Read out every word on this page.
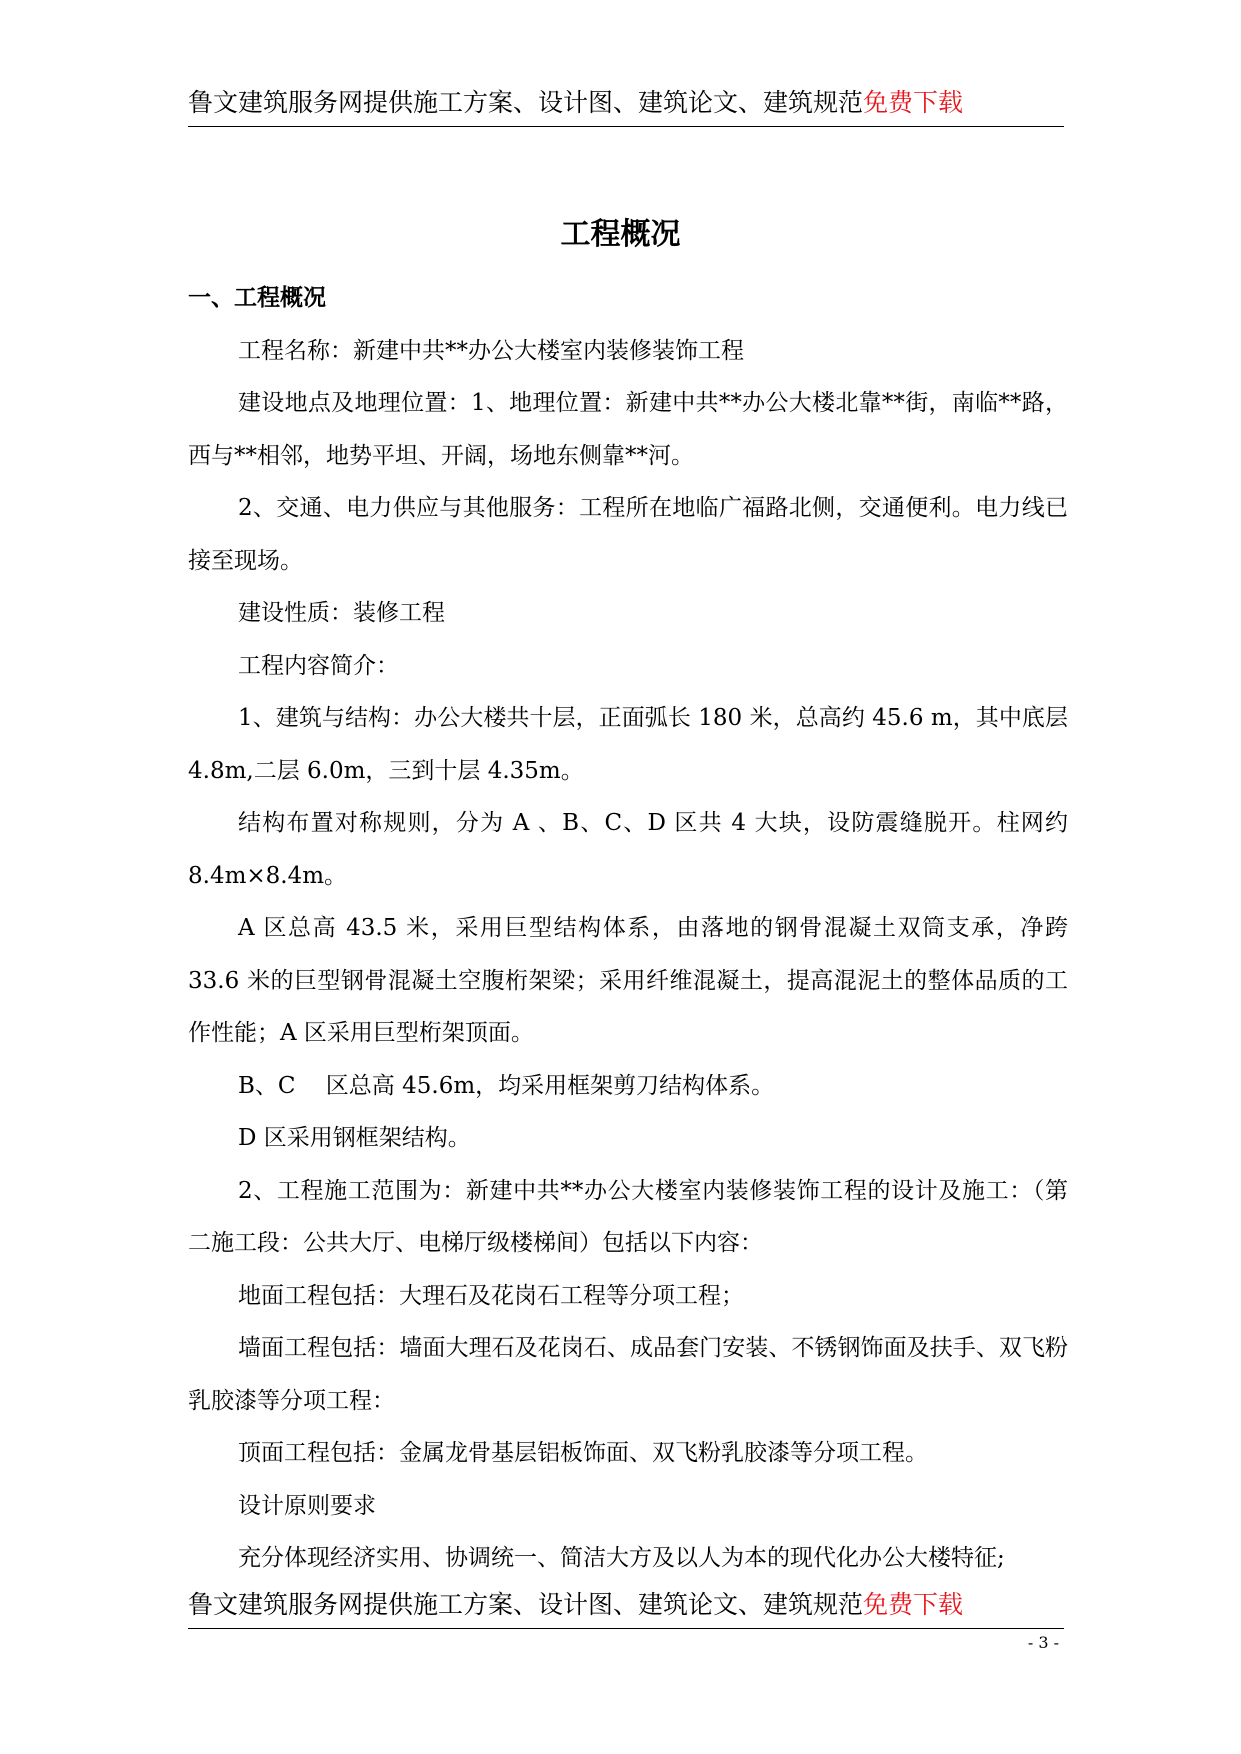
鲁文建筑服务网提供施工方案、设计图、建筑论文、建筑规范免费下载
工程概况

一、工程概况

工程名称：新建中共**办公大楼室内装修装饰工程

建设地点及地理位置：1、地理位置：新建中共**办公大楼北靠**街，南临**路，西与**相邻，地势平坦、开阔，场地东侧靠**河。

2、交通、电力供应与其他服务：工程所在地临广福路北侧，交通便利。电力线已接至现场。

建设性质：装修工程

工程内容简介：

1、建筑与结构：办公大楼共十层，正面弧长 180 米，总高约 45.6 m，其中底层 4.8m,二层 6.0m，三到十层 4.35m。

结构布置对称规则，分为 A 、B、C、D 区共 4 大块，设防震缝脱开。柱网约 8.4m×8.4m。

A 区总高 43.5 米，采用巨型结构体系，由落地的钢骨混凝土双筒支承，净跨 33.6 米的巨型钢骨混凝土空腹桁架梁；采用纤维混凝土，提高混泥土的整体品质的工作性能；A 区采用巨型桁架顶面。

B、C　 区总高 45.6m，均采用框架剪刀结构体系。

D 区采用钢框架结构。

2、工程施工范围为：新建中共**办公大楼室内装修装饰工程的设计及施工：（第二施工段：公共大厅、电梯厅级楼梯间）包括以下内容：

地面工程包括：大理石及花岗石工程等分项工程；

墙面工程包括：墙面大理石及花岗石、成品套门安装、不锈钢饰面及扶手、双飞粉乳胶漆等分项工程：

顶面工程包括：金属龙骨基层铝板饰面、双飞粉乳胶漆等分项工程。

设计原则要求

充分体现经济实用、协调统一、简洁大方及以人为本的现代化办公大楼特征;

鲁文建筑服务网提供施工方案、设计图、建筑论文、建筑规范免费下载
- 3 -
